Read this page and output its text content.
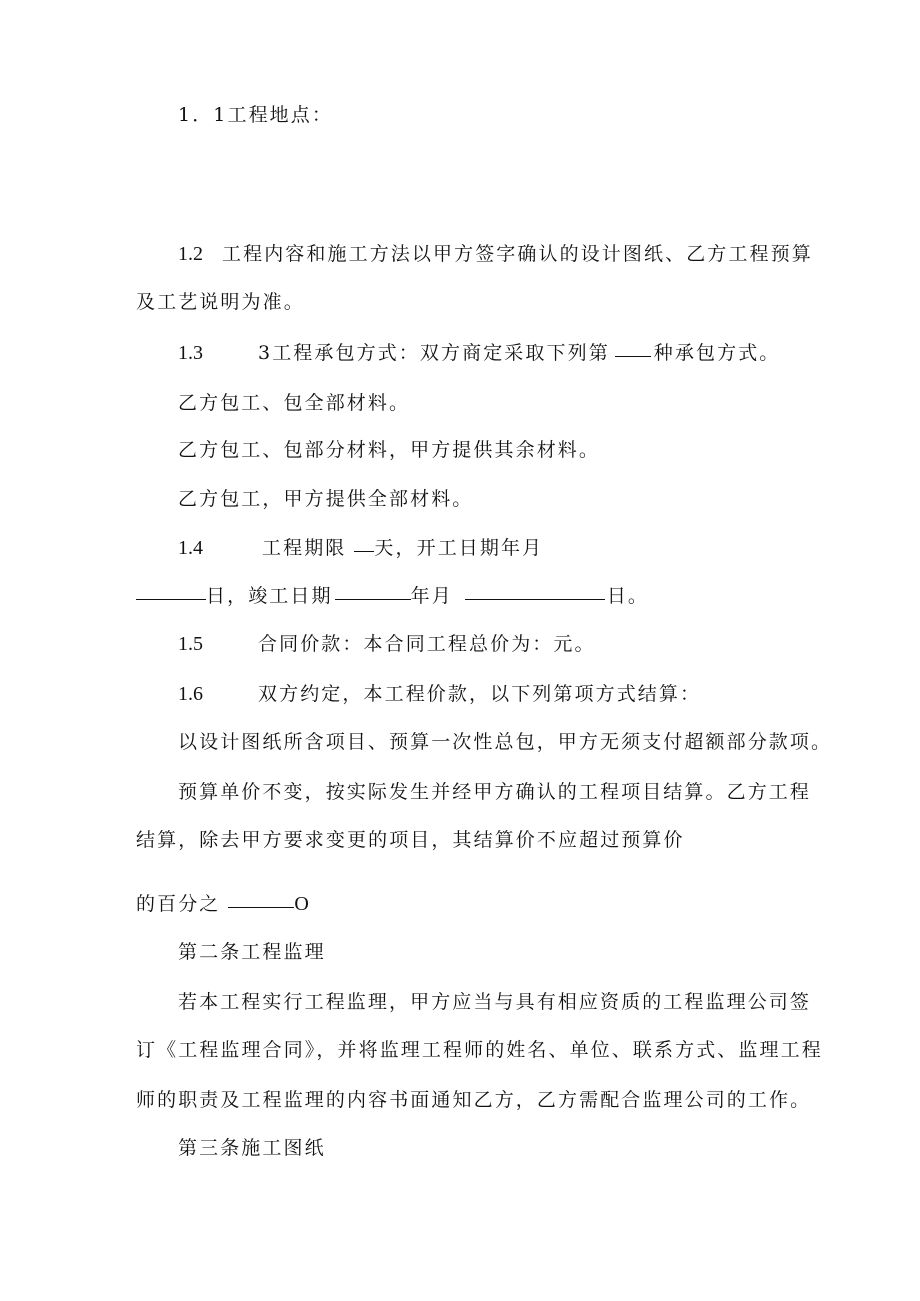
1．1工程地点：
1.2 工程内容和施工方法以甲方签字确认的设计图纸、乙方工程预算
及工艺说明为准。
1.3	3工程承包方式：双方商定采取下列第 种承包方式。
乙方包工、包全部材料。
乙方包工、包部分材料，甲方提供其余材料。
乙方包工，甲方提供全部材料。
1.4	工程期限 天，开工日期年月
日，竣工日期	年月	日。
1.5	合同价款：本合同工程总价为：元。
1.6	双方约定，本工程价款，以下列第项方式结算：
以设计图纸所含项目、预算一次性总包，甲方无须支付超额部分款项。
预算单价不变，按实际发生并经甲方确认的工程项目结算。乙方工程
结算，除去甲方要求变更的项目，其结算价不应超过预算价
的百分之	O
第二条工程监理
若本工程实行工程监理，甲方应当与具有相应资质的工程监理公司签
订《工程监理合同》，并将监理工程师的姓名、单位、联系方式、监理工程
师的职责及工程监理的内容书面通知乙方，乙方需配合监理公司的工作。
第三条施工图纸
